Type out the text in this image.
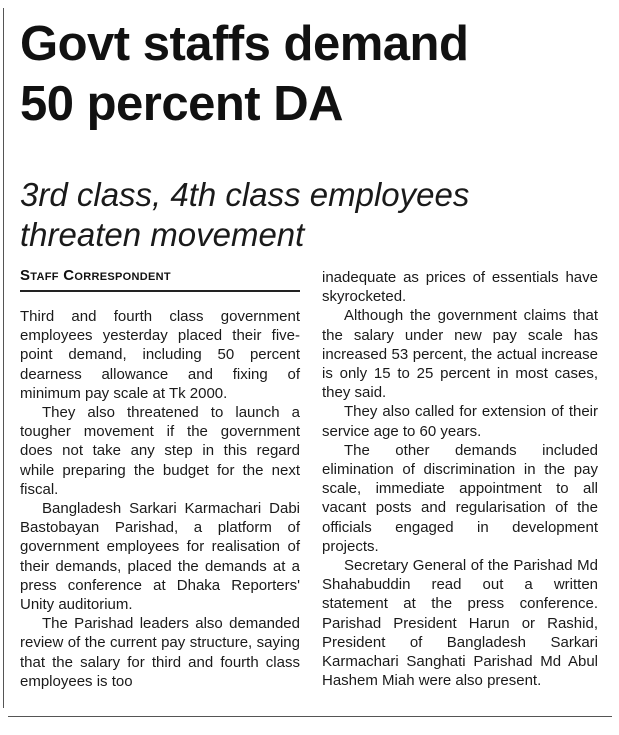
Govt staffs demand
50 percent DA
3rd class, 4th class employees
threaten movement
Staff Correspondent

Third and fourth class government employees yesterday placed their five-point demand, including 50 percent dearness allowance and fixing of minimum pay scale at Tk 2000.

They also threatened to launch a tougher movement if the government does not take any step in this regard while preparing the budget for the next fiscal.

Bangladesh Sarkari Karmachari Dabi Bastobayan Parishad, a platform of government employees for realisation of their demands, placed the demands at a press conference at Dhaka Reporters' Unity auditorium.

The Parishad leaders also demanded review of the current pay structure, saying that the salary for third and fourth class employees is too

inadequate as prices of essentials have skyrocketed.

Although the government claims that the salary under new pay scale has increased 53 percent, the actual increase is only 15 to 25 percent in most cases, they said.

They also called for extension of their service age to 60 years.

The other demands included elimination of discrimination in the pay scale, immediate appointment to all vacant posts and regularisation of the officials engaged in development projects.

Secretary General of the Parishad Md Shahabuddin read out a written statement at the press conference. Parishad President Harun or Rashid, President of Bangladesh Sarkari Karmachari Sanghati Parishad Md Abul Hashem Miah were also present.
